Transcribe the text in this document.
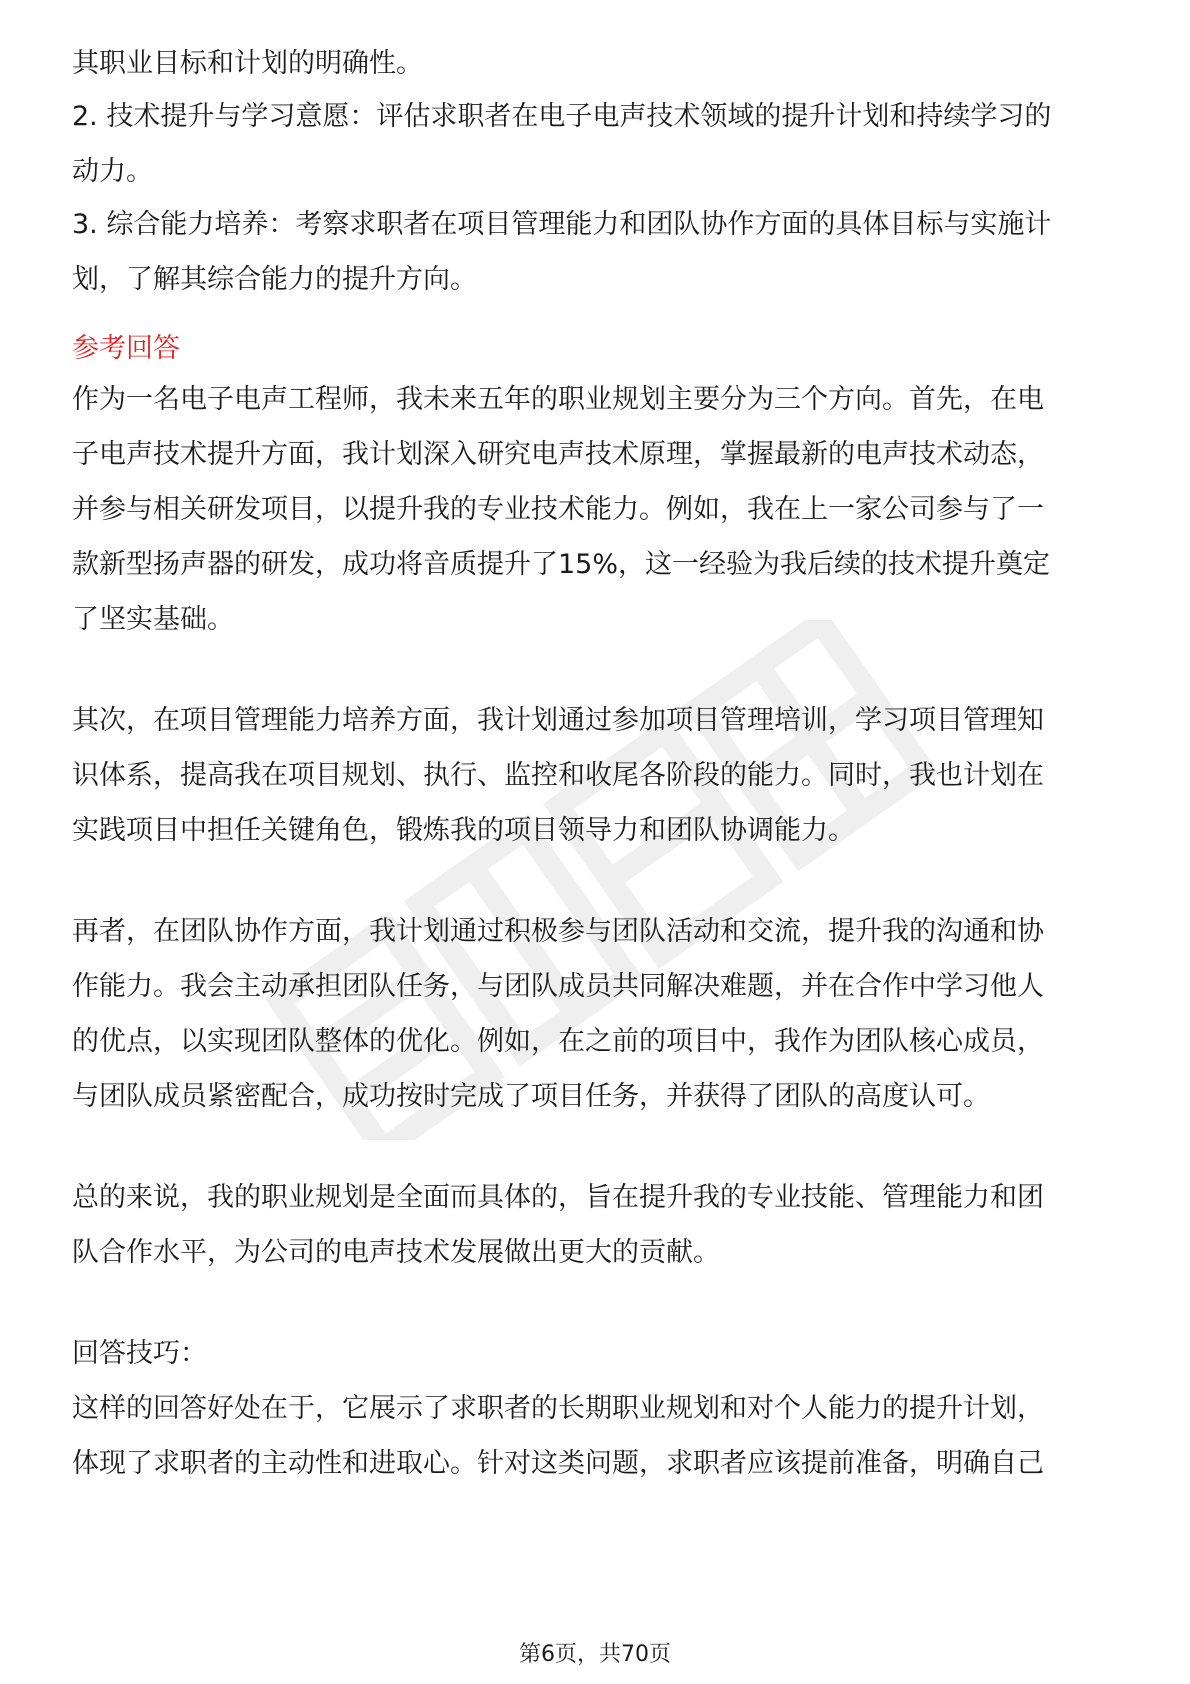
其职业目标和计划的明确性。

2. 技术提升与学习意愿：评估求职者在电子电声技术领域的提升计划和持续学习的

动力。

3. 综合能力培养：考察求职者在项目管理能力和团队协作方面的具体目标与实施计

划，了解其综合能力的提升方向。

参考回答

作为一名电子电声工程师，我未来五年的职业规划主要分为三个方向。首先，在电

子电声技术提升方面，我计划深入研究电声技术原理，掌握最新的电声技术动态，

并参与相关研发项目，以提升我的专业技术能力。例如，我在上一家公司参与了一

款新型扬声器的研发，成功将音质提升了15%，这一经验为我后续的技术提升奠定

了坚实基础。

其次，在项目管理能力培养方面，我计划通过参加项目管理培训，学习项目管理知

识体系，提高我在项目规划、执行、监控和收尾各阶段的能力。同时，我也计划在

实践项目中担任关键角色，锻炼我的项目领导力和团队协调能力。

再者，在团队协作方面，我计划通过积极参与团队活动和交流，提升我的沟通和协

作能力。我会主动承担团队任务，与团队成员共同解决难题，并在合作中学习他人

的优点，以实现团队整体的优化。例如，在之前的项目中，我作为团队核心成员，

与团队成员紧密配合，成功按时完成了项目任务，并获得了团队的高度认可。

总的来说，我的职业规划是全面而具体的，旨在提升我的专业技能、管理能力和团

队合作水平，为公司的电声技术发展做出更大的贡献。

回答技巧：

这样的回答好处在于，它展示了求职者的长期职业规划和对个人能力的提升计划，

体现了求职者的主动性和进取心。针对这类问题，求职者应该提前准备，明确自己

第6页，共70页
